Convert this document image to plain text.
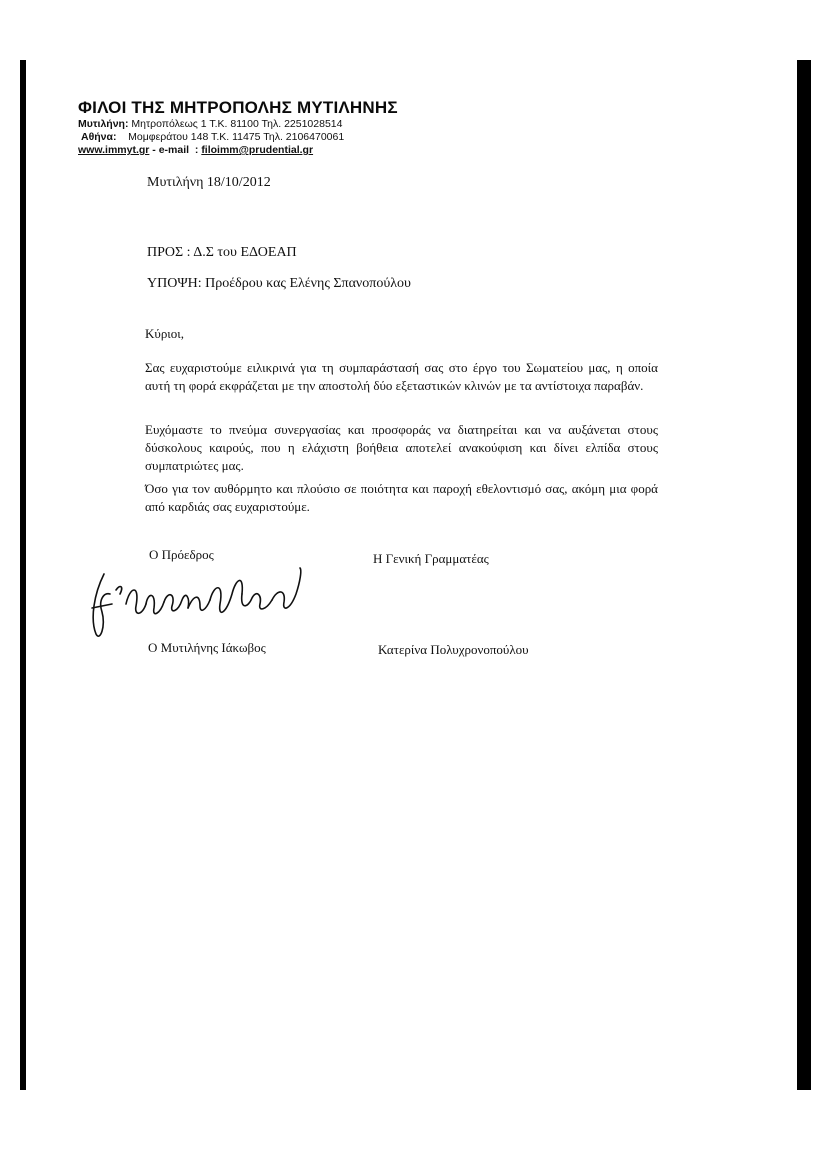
ΦΙΛΟΙ ΤΗΣ ΜΗΤΡΟΠΟΛΗΣ ΜΥΤΙΛΗΝΗΣ
Μυτιλήνη: Μητροπόλεως 1 Τ.Κ. 81100 Τηλ. 2251028514
Αθήνα: Μομφεράτου 148 Τ.Κ. 11475 Τηλ. 2106470061
www.immyt.gr - e-mail  : filoimm@prudential.gr
Μυτιλήνη 18/10/2012
ΠΡΟΣ : Δ.Σ του ΕΔΟΕΑΠ
ΥΠΟΨΗ: Προέδρου κας Ελένης Σπανοπούλου
Κύριοι,
Σας ευχαριστούμε ειλικρινά για τη συμπαράστασή σας στο έργο του Σωματείου μας, η οποία αυτή τη φορά εκφράζεται με την αποστολή δύο εξεταστικών κλινών με τα αντίστοιχα παραβάν.
Ευχόμαστε το πνεύμα συνεργασίας και προσφοράς να διατηρείται και να αυξάνεται στους δύσκολους καιρούς, που η ελάχιστη βοήθεια αποτελεί ανακούφιση και δίνει ελπίδα στους συμπατριώτες μας.
Όσο για τον αυθόρμητο και πλούσιο σε ποιότητα και παροχή εθελοντισμό σας, ακόμη μια φορά από καρδιάς σας ευχαριστούμε.
Ο Πρόεδρος	Η Γενική Γραμματέας
Ο Μυτιλήνης Ιάκωβος	Κατερίνα Πολυχρονοπούλου
